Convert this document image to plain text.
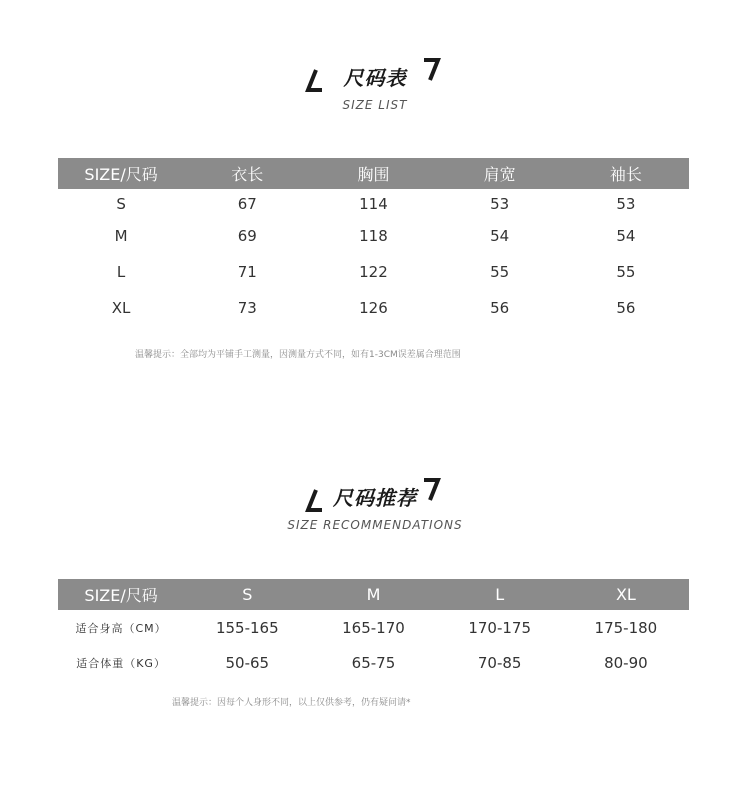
尺码表
SIZE LIST
SIZE/尺码	衣长	胸围	肩宽	袖长
S	67	114	53	53
M	69	118	54	54
L	71	122	55	55
XL	73	126	56	56
温馨提示：全部均为平铺手工测量，因测量方式不同，如有1-3CM误差属合理范围
尺码推荐
SIZE RECOMMENDATIONS
SIZE/尺码	S	M	L	XL
适合身高（CM）	155-165	165-170	170-175	175-180
适合体重（KG）	50-65	65-75	70-85	80-90
温馨提示：因每个人身形不同，以上仅供参考，仍有疑问请*
